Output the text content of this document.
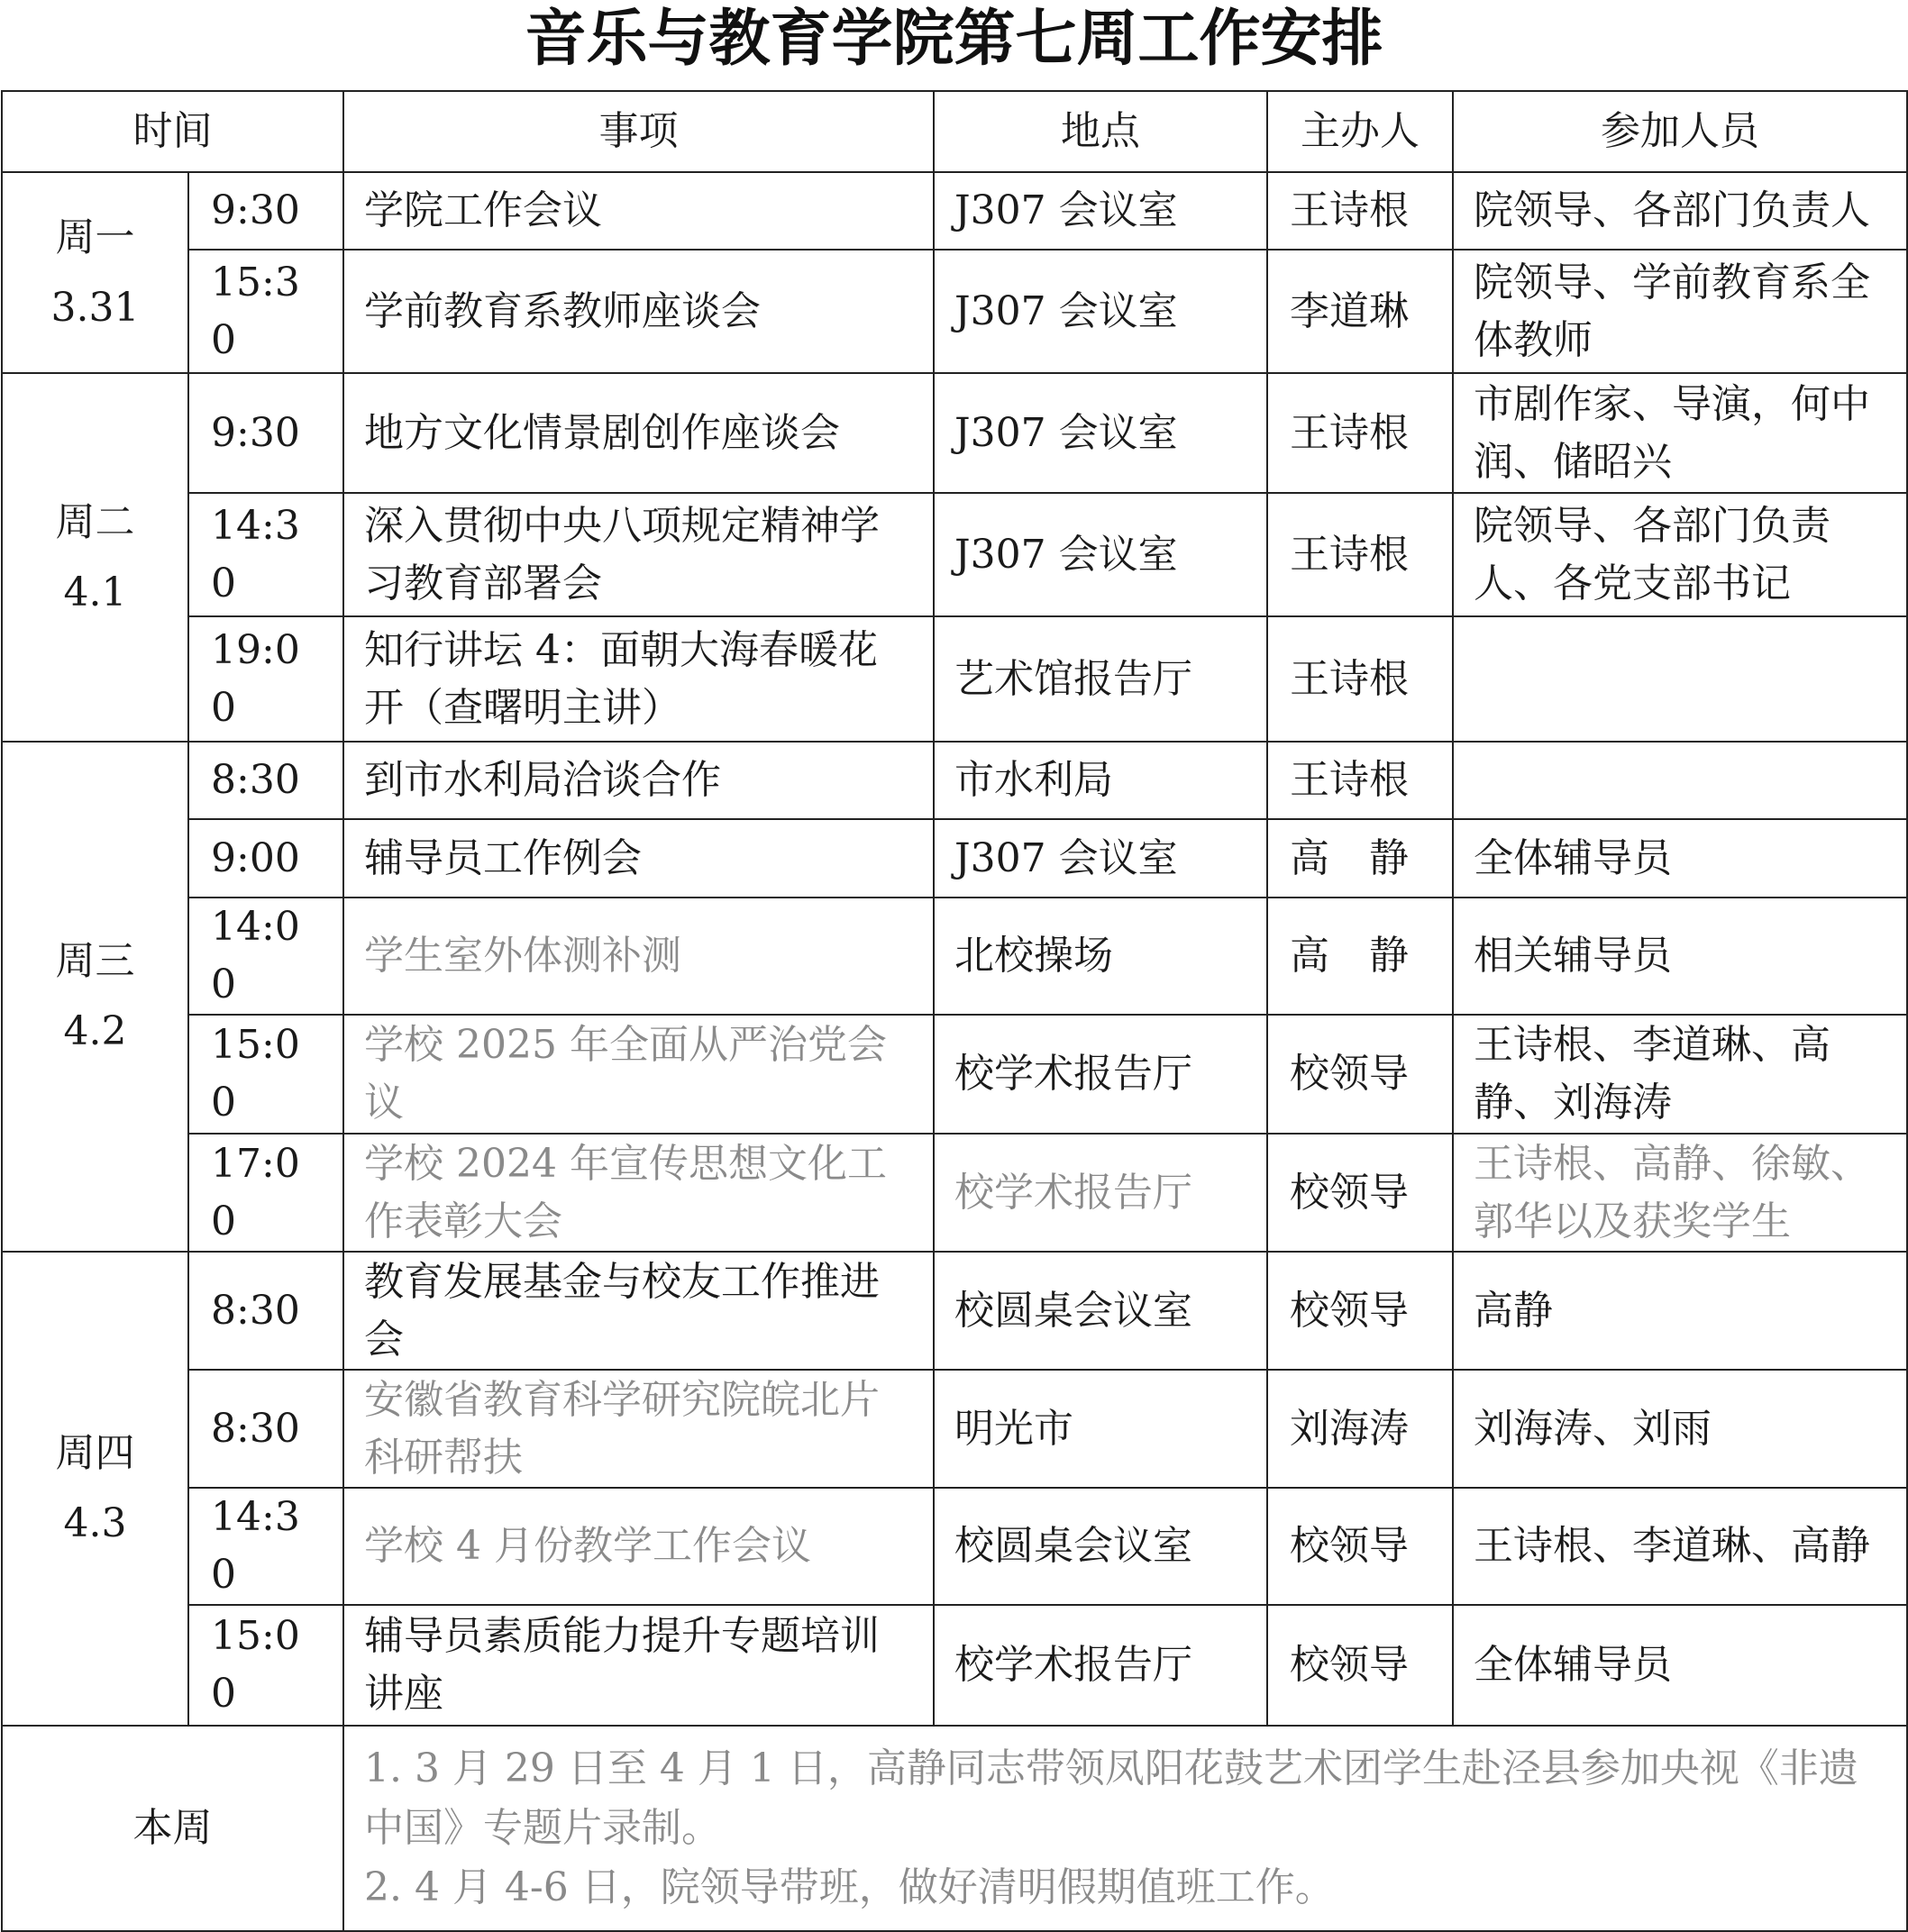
音乐与教育学院第七周工作安排
时间		事项	地点	主办人	参加人员

周一
3.31	9:30	学院工作会议	J307 会议室	王诗根	院领导、各部门负责人
	15:30	学前教育系教师座谈会	J307 会议室	李道琳	院领导、学前教育系全体教师

周二
4.1	9:30	地方文化情景剧创作座谈会	J307 会议室	王诗根	市剧作家、导演，何中润、储昭兴
	14:30	深入贯彻中央八项规定精神学习教育部署会	J307 会议室	王诗根	院领导、各部门负责人、各党支部书记
	19:00	知行讲坛 4：面朝大海春暖花开（查曙明主讲）	艺术馆报告厅	王诗根	

周三
4.2	8:30	到市水利局洽谈合作	市水利局	王诗根	
	9:00	辅导员工作例会	J307 会议室	高　静	全体辅导员
	14:00	学生室外体测补测	北校操场	高　静	相关辅导员
	15:00	学校 2025 年全面从严治党会议	校学术报告厅	校领导	王诗根、李道琳、高静、刘海涛
	17:00	学校 2024 年宣传思想文化工作表彰大会	校学术报告厅	校领导	王诗根、高静、徐敏、郭华以及获奖学生

周四
4.3	8:30	教育发展基金与校友工作推进会	校圆桌会议室	校领导	高静
	8:30	安徽省教育科学研究院皖北片科研帮扶	明光市	刘海涛	刘海涛、刘雨
	14:30	学校 4 月份教学工作会议	校圆桌会议室	校领导	王诗根、李道琳、高静
	15:00	辅导员素质能力提升专题培训讲座	校学术报告厅	校领导	全体辅导员
本周		1. 3 月 29 日至 4 月 1 日，高静同志带领凤阳花鼓艺术团学生赴泾县参加央视《非遗中国》专题片录制。
2. 4 月 4-6 日，院领导带班，做好清明假期值班工作。			
